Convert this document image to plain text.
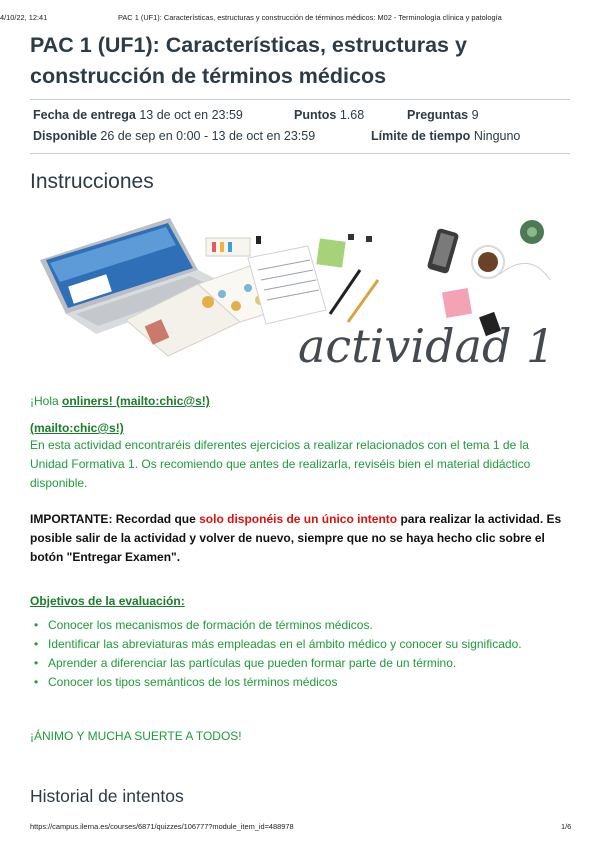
4/10/22, 12:41	PAC 1 (UF1): Características, estructuras y construcción de términos médicos: M02 - Terminología clínica y patología
PAC 1 (UF1): Características, estructuras y construcción de términos médicos
Fecha de entrega 13 de oct en 23:59	Puntos 1.68	Preguntas 9
Disponible 26 de sep en 0:00 - 13 de oct en 23:59	Límite de tiempo Ninguno
Instrucciones
actividad 1
¡Hola onliners! (mailto:chic@s!)
(mailto:chic@s!)
En esta actividad encontraréis diferentes ejercicios a realizar relacionados con el tema 1 de la Unidad Formativa 1. Os recomiendo que antes de realizarla, reviséis bien el material didáctico disponible.
IMPORTANTE: Recordad que solo disponéis de un único intento para realizar la actividad. Es posible salir de la actividad y volver de nuevo, siempre que no se haya hecho clic sobre el botón "Entregar Examen".
Objetivos de la evaluación:
• Conocer los mecanismos de formación de términos médicos.
• Identificar las abreviaturas más empleadas en el ámbito médico y conocer su significado.
• Aprender a diferenciar las partículas que pueden formar parte de un término.
• Conocer los tipos semánticos de los términos médicos
¡ÁNIMO Y MUCHA SUERTE A TODOS!
Historial de intentos
https://campus.ilerna.es/courses/6871/quizzes/106777?module_item_id=488978	1/6
